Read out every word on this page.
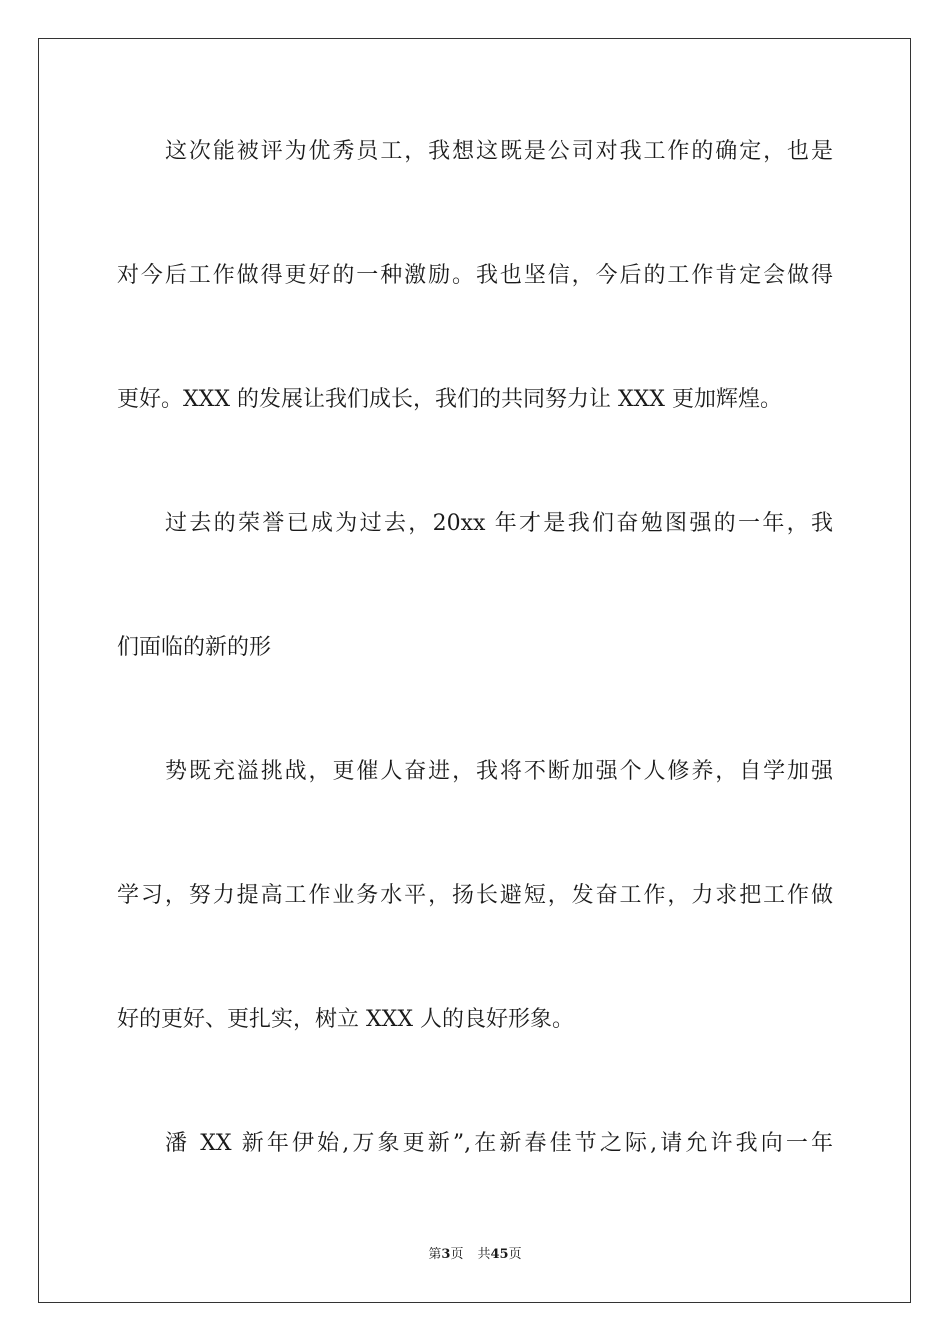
这次能被评为优秀员工，我想这既是公司对我工作的确定，也是
对今后工作做得更好的一种激励。我也坚信，今后的工作肯定会做得
更好。XXX 的发展让我们成长，我们的共同努力让 XXX 更加辉煌。
过去的荣誉已成为过去，20xx 年才是我们奋勉图强的一年，我
们面临的新的形
势既充溢挑战，更催人奋进，我将不断加强个人修养，自学加强
学习，努力提高工作业务水平，扬长避短，发奋工作，力求把工作做
好的更好、更扎实，树立 XXX 人的良好形象。
潘 XX 新年伊始,万象更新”,在新春佳节之际,请允许我向一年
第3页 共45页
